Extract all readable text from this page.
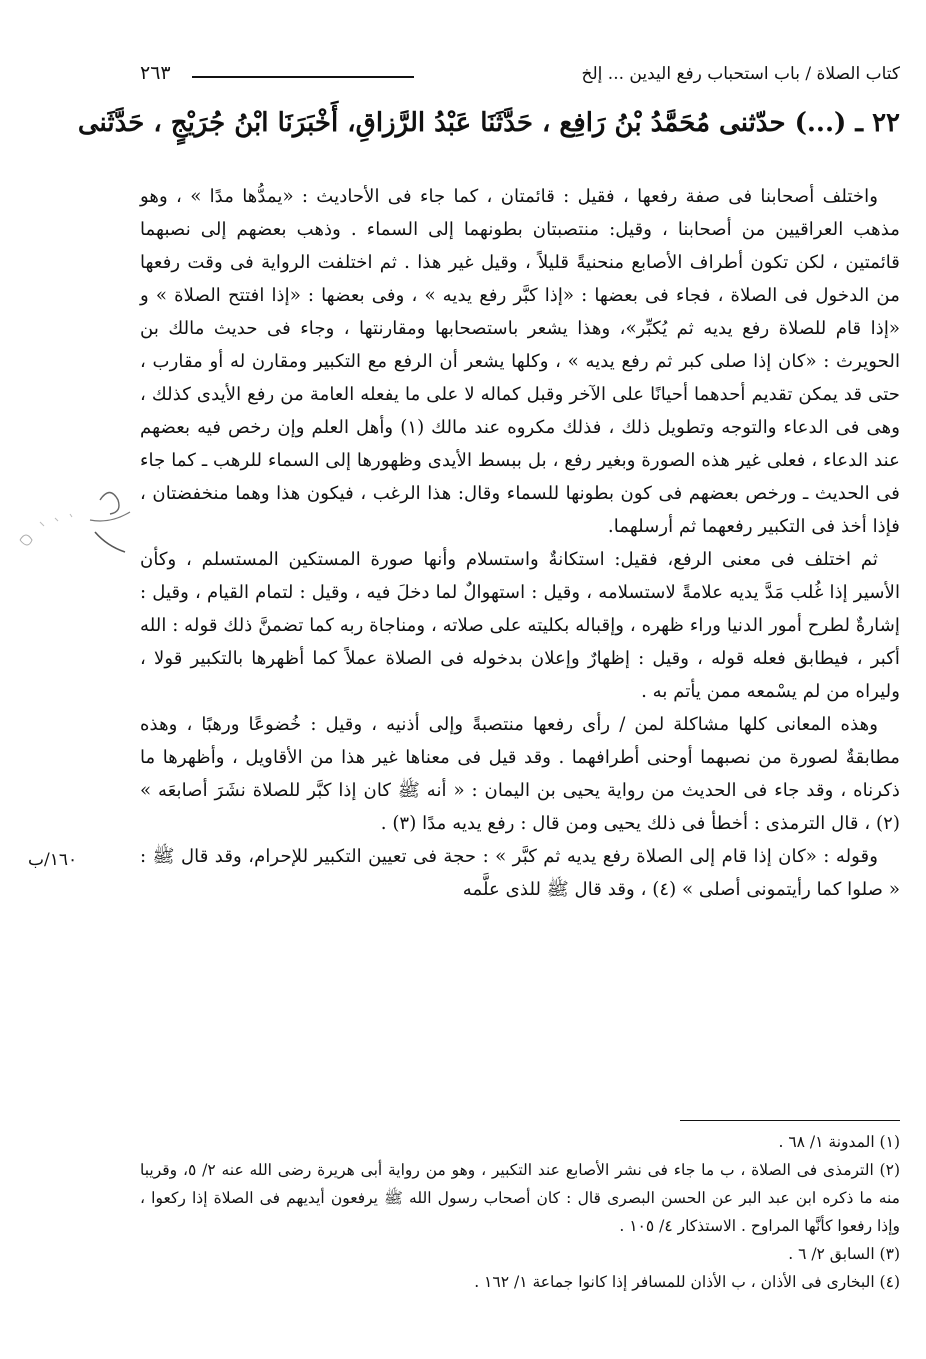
كتاب الصلاة / باب استحباب رفع اليدين ... إلخ
٢٦٣
٢٢ ـ (...) حدّثنى مُحَمَّدُ بْنُ رَافِع ، حَدَّثَنَا عَبْدُ الرَّزاقِ، أَخْبَرَنَا ابْنُ جُرَيْجٍ ، حَدَّثَنى
١٦٠/ب

واختلف أصحابنا فى صفة رفعها ، فقيل : قائمتان ، كما جاء فى الأحاديث : «يمدُّها مدًا » ، وهو مذهب العراقيين من أصحابنا ، وقيل: منتصبتان بطونهما إلى السماء . وذهب بعضهم إلى نصبهما قائمتين ، لكن تكون أطراف الأصابع منحنيةً قليلاً ، وقيل غير هذا . ثم اختلفت الرواية فى وقت رفعها من الدخول فى الصلاة ، فجاء فى بعضها : «إذا كبَّر رفع يديه » ، وفى بعضها : «إذا افتتح الصلاة » و «إذا قام للصلاة رفع يديه ثم يُكبِّر»، وهذا يشعر باستصحابها ومقارنتها ، وجاء فى حديث مالك بن الحويرث : «كان إذا صلى كبر ثم رفع يديه » ، وكلها يشعر أن الرفع مع التكبير ومقارن له أو مقارب ، حتى قد يمكن تقديم أحدهما أحيانًا على الآخر وقبل كماله لا على ما يفعله العامة من رفع الأيدى كذلك ، وهى فى الدعاء والتوجه وتطويل ذلك ، فذلك مكروه عند مالك (١) وأهل العلم وإن رخص فيه بعضهم عند الدعاء ، فعلى غير هذه الصورة وبغير رفع ، بل ببسط الأيدى وظهورها إلى السماء للرهب ـ كما جاء فى الحديث ـ ورخص بعضهم فى كون بطونها للسماء وقال: هذا الرغب ، فيكون هذا وهما منخفضتان ، فإذا أخذ فى التكبير رفعهما ثم أرسلهما.

ثم اختلف فى معنى الرفع، فقيل: استكانةٌ واستسلام وأنها صورة المستكين المستسلم ، وكأن الأسير إذا غُلب مَدَّ يديه علامةً لاستسلامه ، وقيل : استهوالٌ لما دخلَ فيه ، وقيل : لتمام القيام ، وقيل : إشارةٌ لطرح أمور الدنيا وراء ظهره ، وإقباله بكليته على صلاته ، ومناجاة ربه كما تضمنَّ ذلك قوله : الله أكبر ، فيطابق فعله قوله ، وقيل : إظهارٌ وإعلان بدخوله فى الصلاة عملاً كما أظهرها بالتكبير قولا ، وليراه من لم يسْمعه ممن يأتم به .

وهذه المعانى كلها مشاكلة لمن / رأى رفعها منتصبةً وإلى أذنيه ، وقيل : خُضوعًا ورهبًا ، وهذه مطابقةٌ لصورة من نصبهما أوحنى أطرافهما . وقد قيل فى معناها غير هذا من الأقاويل ، وأظهرها ما ذكرناه ، وقد جاء فى الحديث من رواية يحيى بن اليمان : « أنه ﷺ كان إذا كبَّر للصلاة نشَرَ أصابعَه » (٢) ، قال الترمذى : أخطأ فى ذلك يحيى ومن قال : رفع يديه مدًا (٣) .

وقوله : «كان إذا قام إلى الصلاة رفع يديه ثم كبَّر » : حجة فى تعيين التكبير للإحرام، وقد قال ﷺ : « صلوا كما رأيتمونى أصلى » (٤) ، وقد قال ﷺ للذى علَّمه

(١) المدونة ١/ ٦٨ .
(٢) الترمذى فى الصلاة ، ب ما جاء فى نشر الأصابع عند التكبير ، وهو من رواية أبى هريرة رضى الله عنه ٢/ ٥، وقريبا منه ما ذكره ابن عبد البر عن الحسن البصرى قال : كان أصحاب رسول الله ﷺ يرفعون أيديهم فى الصلاة إذا ركعوا ، وإذا رفعوا كأنَّها المراوح . الاستذكار ٤/ ١٠٥ .
(٣) السابق ٢/ ٦ .
(٤) البخارى فى الأذان ، ب الأذان للمسافر إذا كانوا جماعة ١/ ١٦٢ .
